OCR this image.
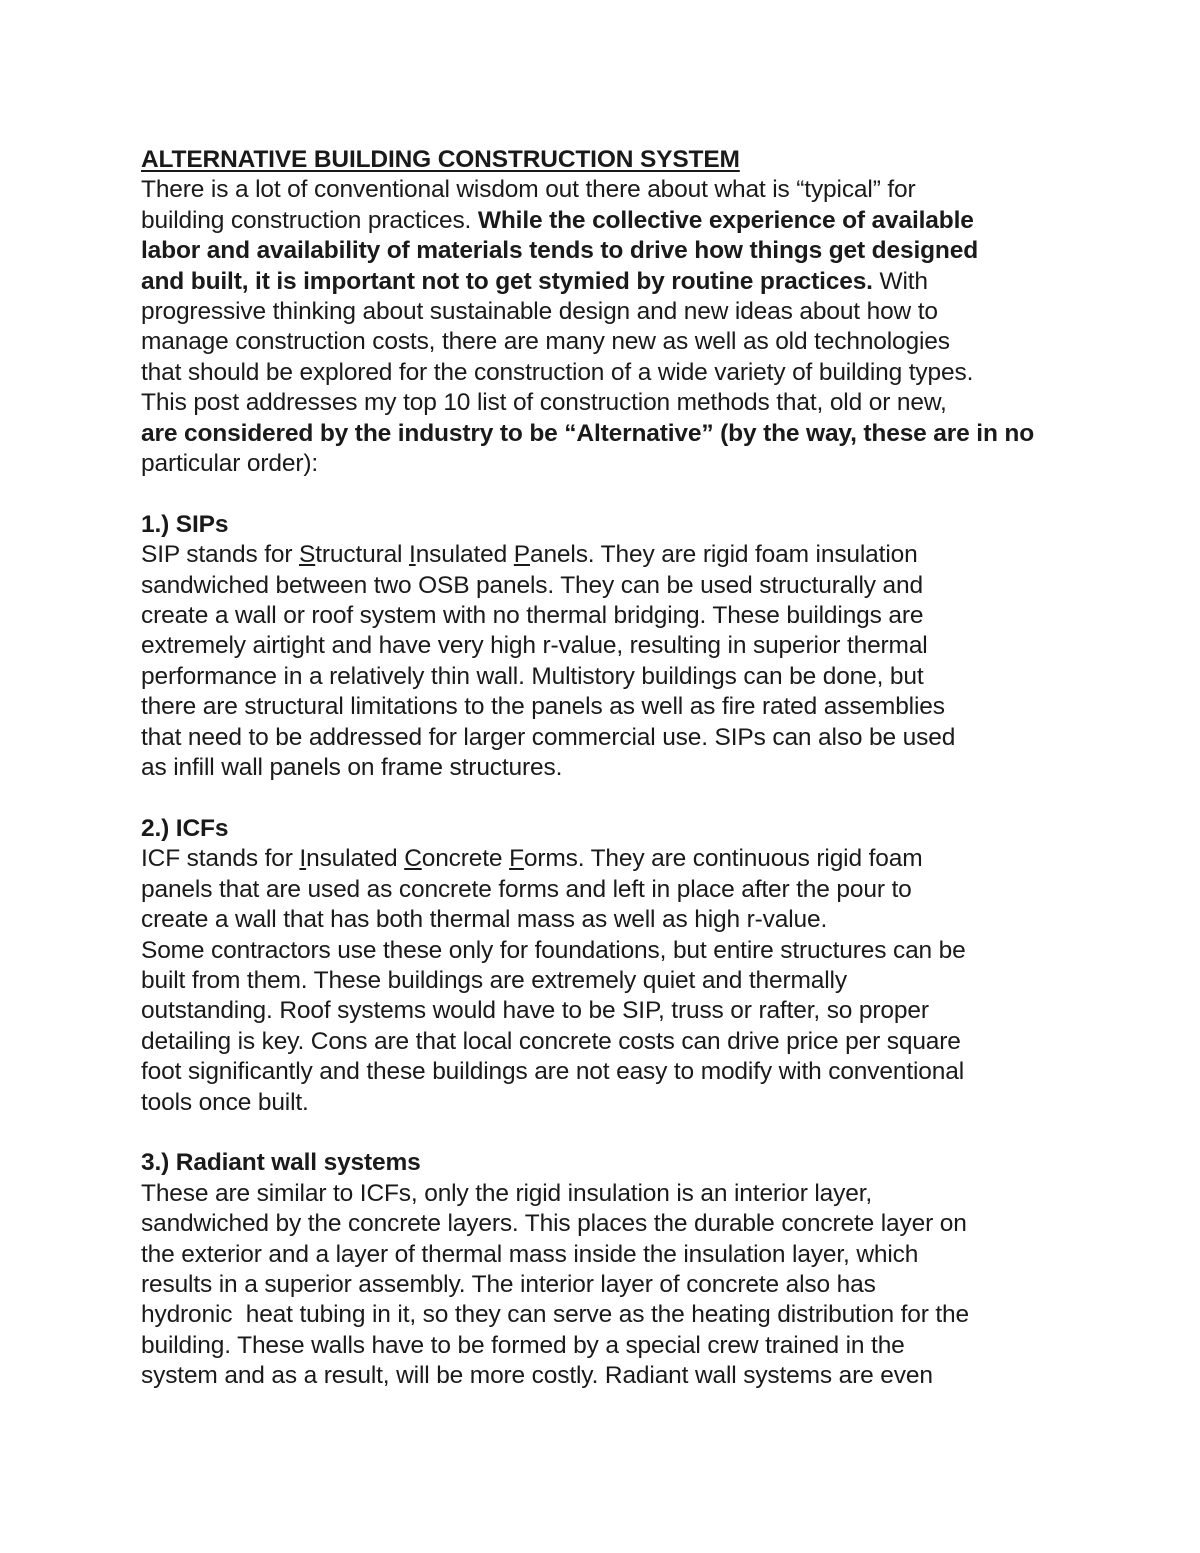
ALTERNATIVE BUILDING CONSTRUCTION SYSTEM
There is a lot of conventional wisdom out there about what is “typical” for
building construction practices. While the collective experience of available
labor and availability of materials tends to drive how things get designed
and built, it is important not to get stymied by routine practices. With
progressive thinking about sustainable design and new ideas about how to
manage construction costs, there are many new as well as old technologies
that should be explored for the construction of a wide variety of building types.
This post addresses my top 10 list of construction methods that, old or new,
are considered by the industry to be “Alternative” (by the way, these are in no
particular order):
1.) SIPs
SIP stands for Structural Insulated Panels. They are rigid foam insulation
sandwiched between two OSB panels. They can be used structurally and
create a wall or roof system with no thermal bridging. These buildings are
extremely airtight and have very high r-value, resulting in superior thermal
performance in a relatively thin wall. Multistory buildings can be done, but
there are structural limitations to the panels as well as fire rated assemblies
that need to be addressed for larger commercial use. SIPs can also be used
as infill wall panels on frame structures.
2.) ICFs
ICF stands for Insulated Concrete Forms. They are continuous rigid foam
panels that are used as concrete forms and left in place after the pour to
create a wall that has both thermal mass as well as high r-value.
Some contractors use these only for foundations, but entire structures can be
built from them. These buildings are extremely quiet and thermally
outstanding. Roof systems would have to be SIP, truss or rafter, so proper
detailing is key. Cons are that local concrete costs can drive price per square
foot significantly and these buildings are not easy to modify with conventional
tools once built.
3.) Radiant wall systems
These are similar to ICFs, only the rigid insulation is an interior layer,
sandwiched by the concrete layers. This places the durable concrete layer on
the exterior and a layer of thermal mass inside the insulation layer, which
results in a superior assembly. The interior layer of concrete also has
hydronic  heat tubing in it, so they can serve as the heating distribution for the
building. These walls have to be formed by a special crew trained in the
system and as a result, will be more costly. Radiant wall systems are even
